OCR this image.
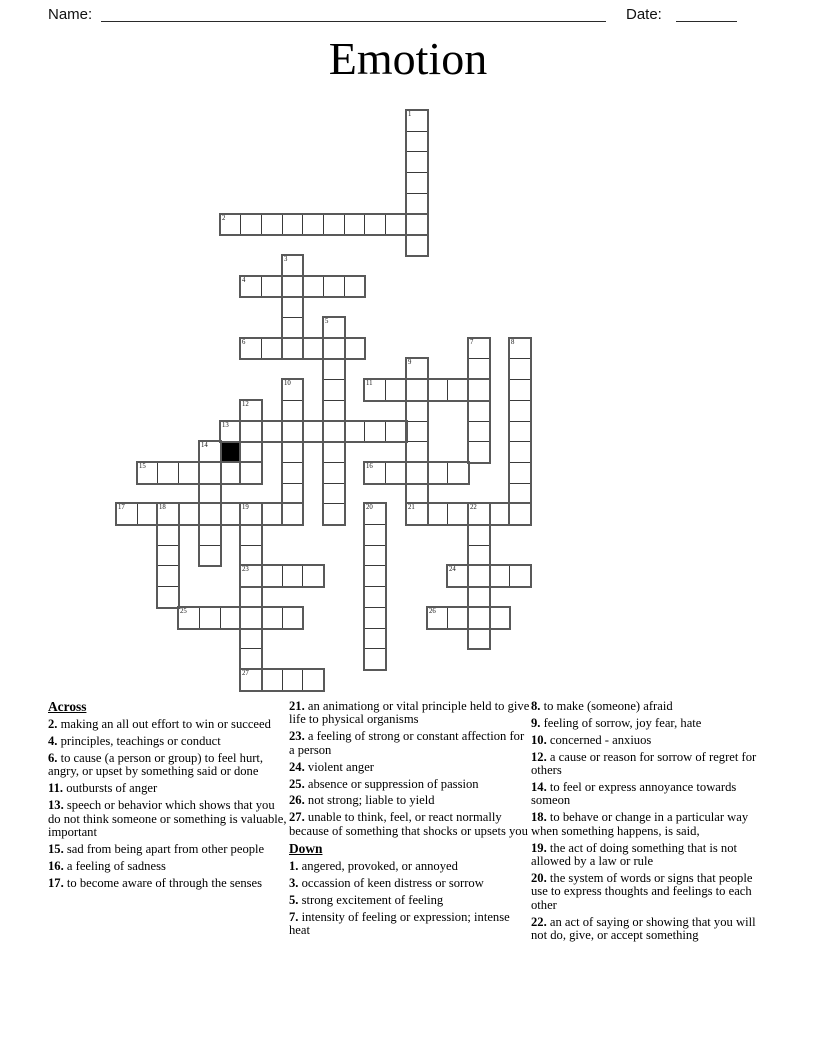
Name:	Date:
Emotion
2
4
6
11
13
15	16
17	18	19	21	22
23	24
25	26
27
1
3
5
7	8
9
10
12
14
20
Across
2. making an all out effort to win or succeed
4. principles, teachings or conduct
6. to cause (a person or group) to feel hurt, angry, or upset by something said or done
11. outbursts of anger
13. speech or behavior which shows that you do not think someone or something is valuable, important
15. sad from being apart from other people
16. a feeling of sadness
17. to become aware of through the senses
21. an animationg or vital principle held to give life to physical organisms
23. a feeling of strong or constant affection for a person
24. violent anger
25. absence or suppression of passion
26. not strong; liable to yield
27. unable to think, feel, or react normally because of something that shocks or upsets you
Down
1. angered, provoked, or annoyed
3. occassion of keen distress or sorrow
5. strong excitement of feeling
7. intensity of feeling or expression; intense heat
8. to make (someone) afraid
9. feeling of sorrow, joy fear, hate
10. concerned - anxiuos
12. a cause or reason for sorrow of regret for others
14. to feel or express annoyance towards someon
18. to behave or change in a particular way when something happens, is said,
19. the act of doing something that is not allowed by a law or rule
20. the system of words or signs that people use to express thoughts and feelings to each other
22. an act of saying or showing that you will not do, give, or accept something
